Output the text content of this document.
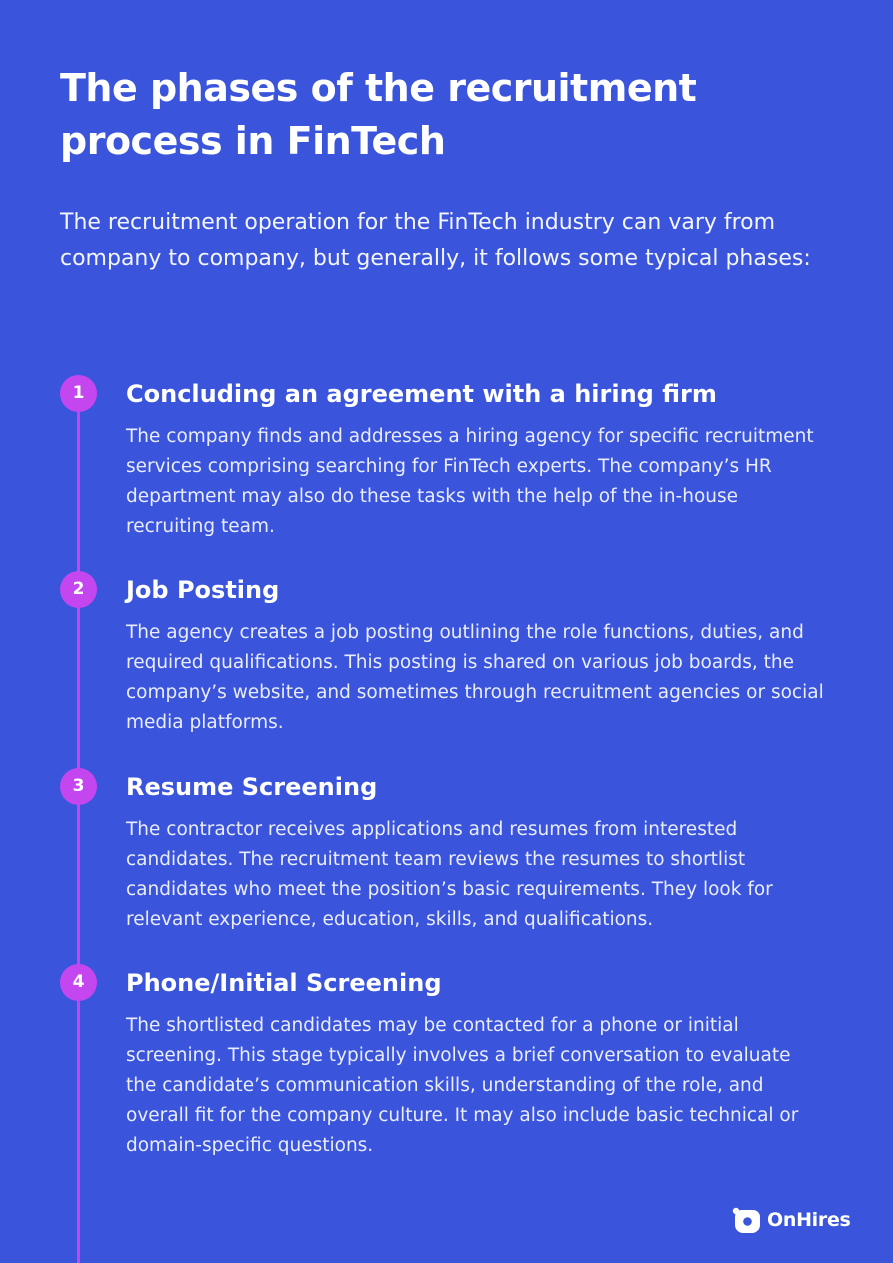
The phases of the recruitment process in FinTech

The recruitment operation for the FinTech industry can vary from company to company, but generally, it follows some typical phases:

1	Concluding an agreement with a hiring firm

The company finds and addresses a hiring agency for specific recruitment services comprising searching for FinTech experts. The company’s HR department may also do these tasks with the help of the in-house recruiting team.

2	Job Posting

The agency creates a job posting outlining the role functions, duties, and required qualifications. This posting is shared on various job boards, the company’s website, and sometimes through recruitment agencies or social media platforms.

3	Resume Screening

The contractor receives applications and resumes from interested candidates. The recruitment team reviews the resumes to shortlist candidates who meet the position’s basic requirements. They look for relevant experience, education, skills, and qualifications.

4	Phone/Initial Screening

The shortlisted candidates may be contacted for a phone or initial screening. This stage typically involves a brief conversation to evaluate the candidate’s communication skills, understanding of the role, and overall fit for the company culture. It may also include basic technical or domain-specific questions.

OnHires
